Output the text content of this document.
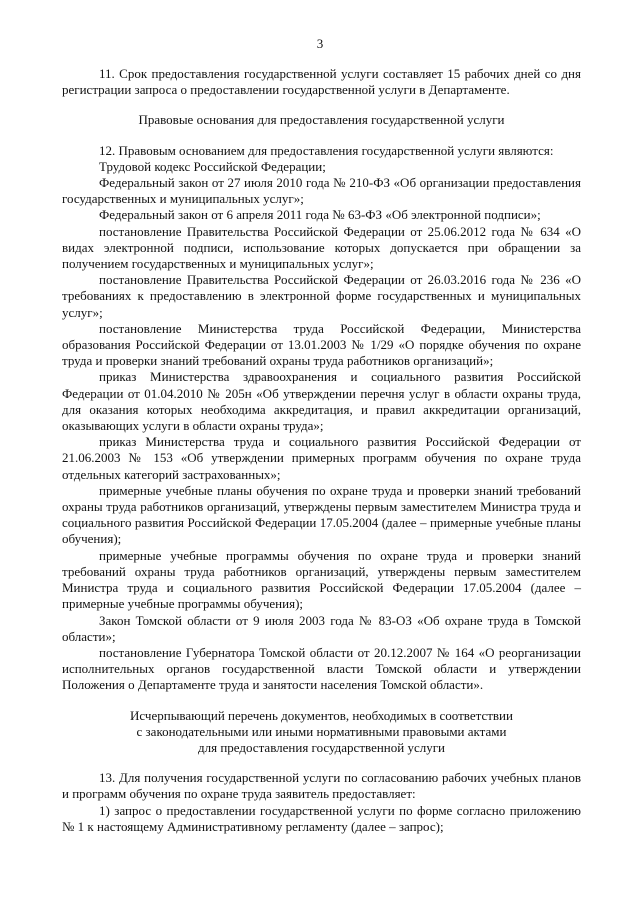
3

11. Срок предоставления государственной услуги составляет 15 рабочих дней со дня регистрации запроса о предоставлении государственной услуги в Департаменте.

Правовые основания для предоставления государственной услуги

12. Правовым основанием для предоставления государственной услуги являются:

Трудовой кодекс Российской Федерации;

Федеральный закон от 27 июля 2010 года № 210-ФЗ «Об организации предоставления государственных и муниципальных услуг»;

Федеральный закон от 6 апреля 2011 года № 63-ФЗ «Об электронной подписи»;

постановление Правительства Российской Федерации от 25.06.2012 года № 634 «О видах электронной подписи, использование которых допускается при обращении за получением государственных и муниципальных услуг»;

постановление Правительства Российской Федерации от 26.03.2016 года № 236 «О требованиях к предоставлению в электронной форме государственных и муниципальных услуг»;

постановление Министерства труда Российской Федерации, Министерства образования Российской Федерации от 13.01.2003 № 1/29 «О порядке обучения по охране труда и проверки знаний требований охраны труда работников организаций»;

приказ Министерства здравоохранения и социального развития Российской Федерации от 01.04.2010 № 205н «Об утверждении перечня услуг в области охраны труда, для оказания которых необходима аккредитация, и правил аккредитации организаций, оказывающих услуги в области охраны труда»;

приказ Министерства труда и социального развития Российской Федерации от 21.06.2003 № 153 «Об утверждении примерных программ обучения по охране труда отдельных категорий застрахованных»;

примерные учебные планы обучения по охране труда и проверки знаний требований охраны труда работников организаций, утверждены первым заместителем Министра труда и социального развития Российской Федерации 17.05.2004 (далее – примерные учебные планы обучения);

примерные учебные программы обучения по охране труда и проверки знаний требований охраны труда работников организаций, утверждены первым заместителем Министра труда и социального развития Российской Федерации 17.05.2004 (далее – примерные учебные программы обучения);

Закон Томской области от 9 июля 2003 года № 83-ОЗ «Об охране труда в Томской области»;

постановление Губернатора Томской области от 20.12.2007 № 164 «О реорганизации исполнительных органов государственной власти Томской области и утверждении Положения о Департаменте труда и занятости населения Томской области».

Исчерпывающий перечень документов, необходимых в соответствии

с законодательными или иными нормативными правовыми актами

для предоставления государственной услуги

13. Для получения государственной услуги по согласованию рабочих учебных планов и программ обучения по охране труда заявитель предоставляет:

1) запрос о предоставлении государственной услуги по форме согласно приложению № 1 к настоящему Административному регламенту (далее – запрос);
